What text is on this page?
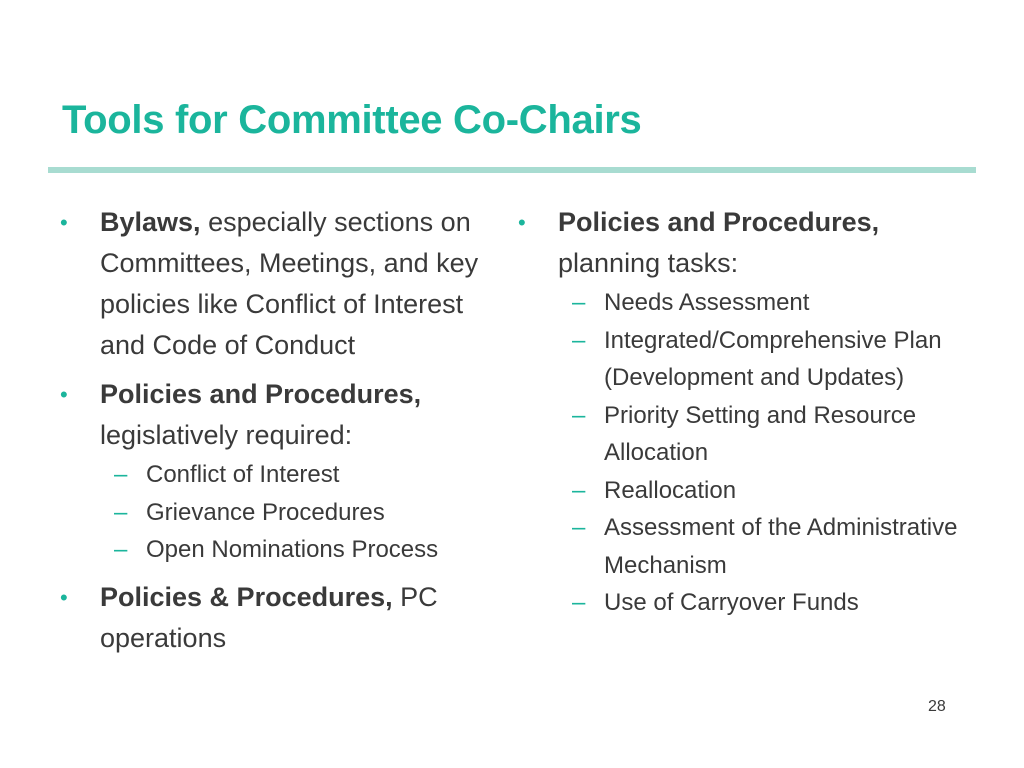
Tools for Committee Co-Chairs
• Bylaws, especially sections on Committees, Meetings, and key policies like Conflict of Interest and Code of Conduct

• Policies and Procedures, legislatively required:

– Conflict of Interest

– Grievance Procedures

– Open Nominations Process

• Policies & Procedures, PC operations

• Policies and Procedures, planning tasks:

– Needs Assessment

– Integrated/Comprehensive Plan (Development and Updates)

– Priority Setting and Resource Allocation

– Reallocation

– Assessment of the Administrative Mechanism

– Use of Carryover Funds

28
